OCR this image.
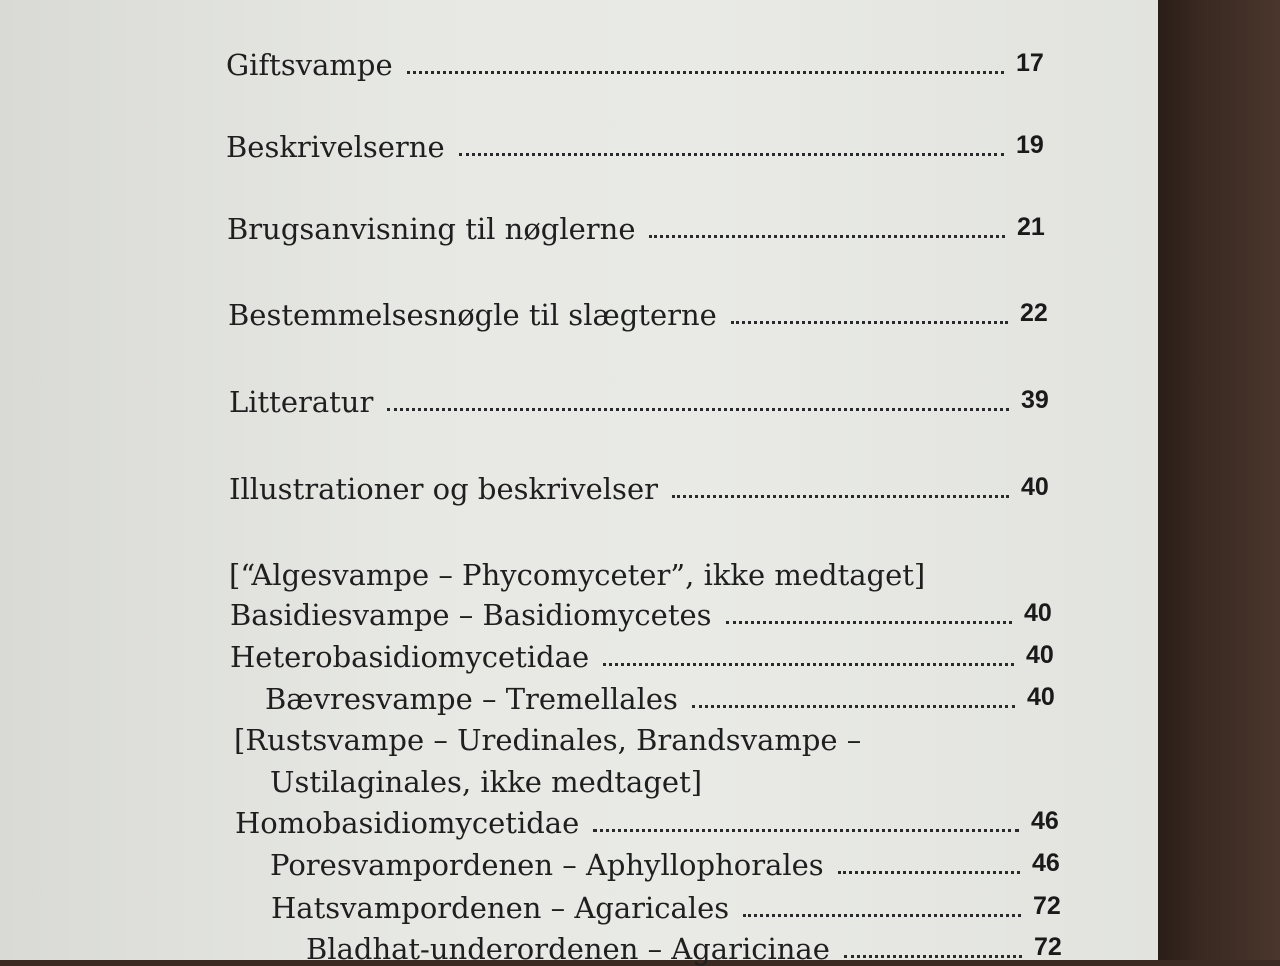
Giftsvampe	17
Beskrivelserne	19
Brugsanvisning til nøglerne	21
Bestemmelsesnøgle til slægterne	22
Litteratur	39
Illustrationer og beskrivelser	40
[“Algesvampe – Phycomyceter”, ikke medtaget]
Basidiesvampe – Basidiomycetes	40
Heterobasidiomycetidae	40
Bævresvampe – Tremellales	40
[Rustsvampe – Uredinales, Brandsvampe –
Ustilaginales, ikke medtaget]
Homobasidiomycetidae	46
Poresvampordenen – Aphyllophorales	46
Hatsvampordenen – Agaricales	72
Bladhat-underordenen – Agaricinae	72
